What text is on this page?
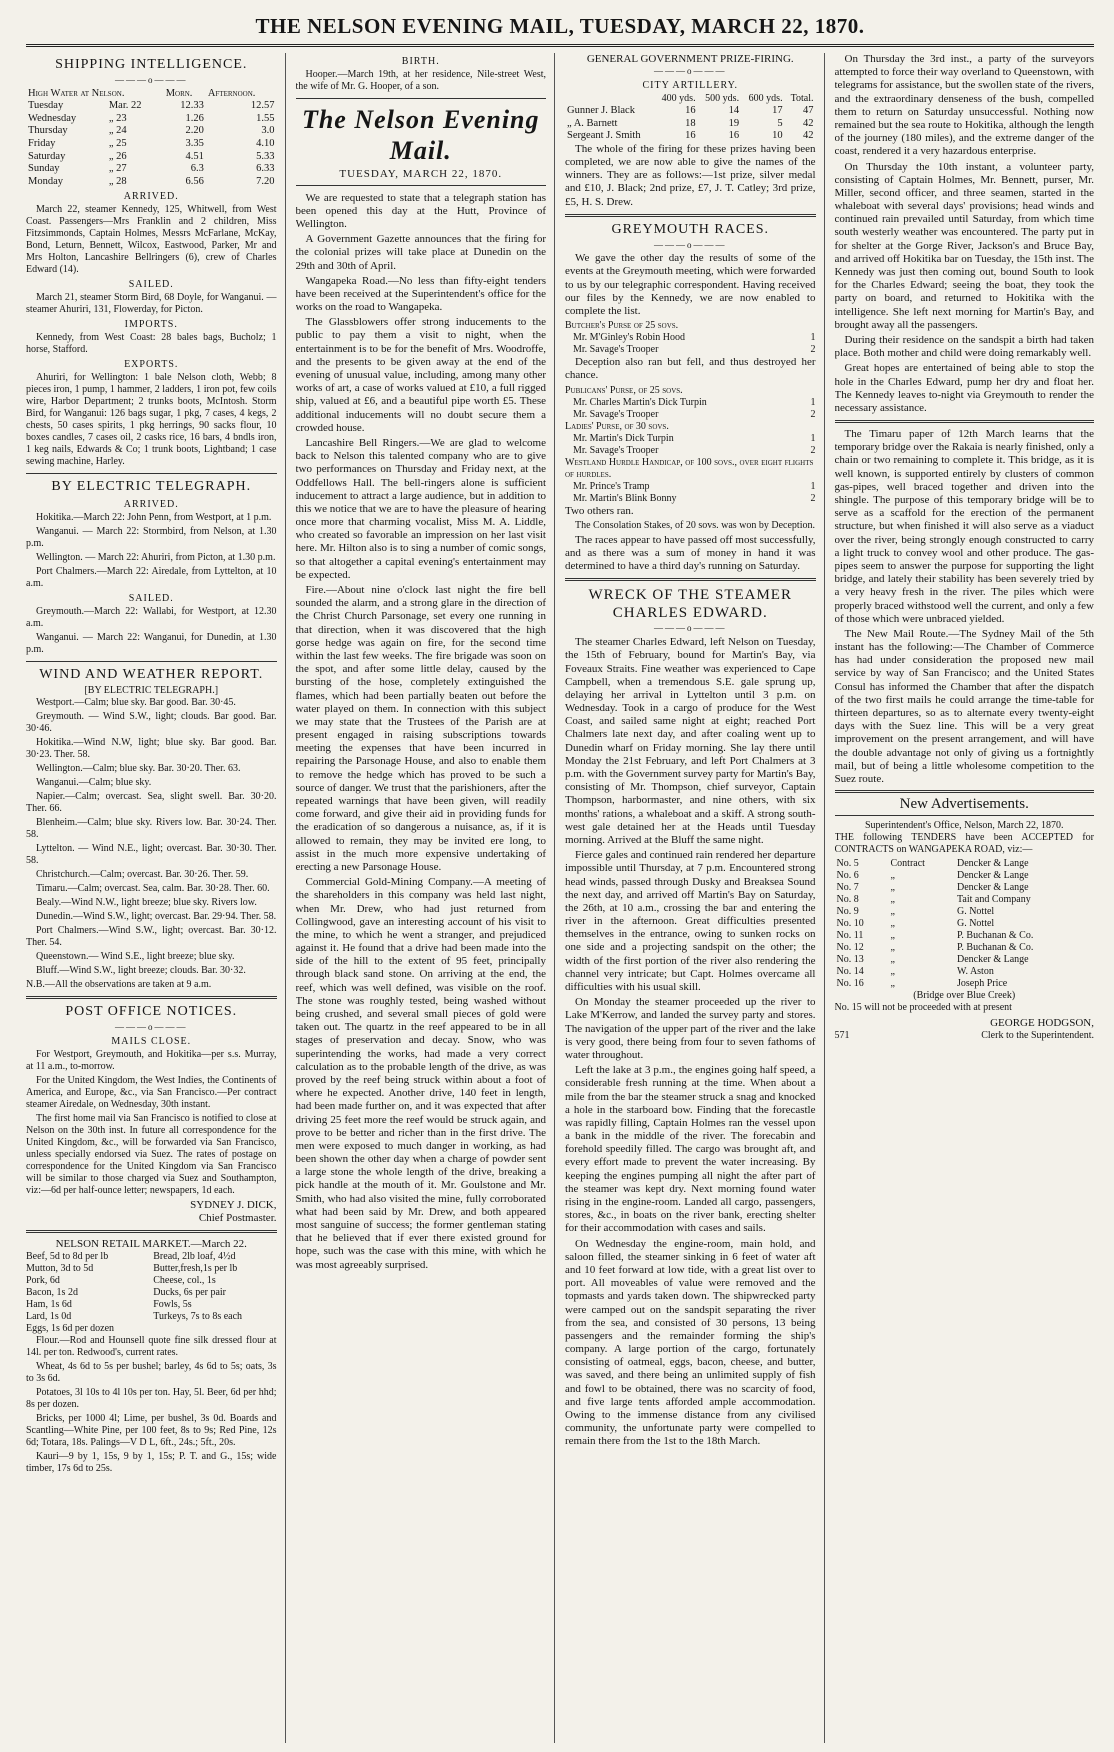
THE NELSON EVENING MAIL, TUESDAY, MARCH 22, 1870.
SHIPPING INTELLIGENCE.
———o———
High Water at Nelson.		Morn.	Afternoon.
Tuesday	Mar. 22	12.33	12.57
Wednesday	„ 23	1.26	1.55
Thursday	„ 24	2.20	3.0
Friday	„ 25	3.35	4.10
Saturday	„ 26	4.51	5.33
Sunday	„ 27	6.3	6.33
Monday	„ 28	6.56	7.20
ARRIVED.

March 22, steamer Kennedy, 125, Whitwell, from West Coast. Passengers—Mrs Franklin and 2 children, Miss Fitzsimmonds, Captain Holmes, Messrs McFarlane, McKay, Bond, Leturn, Bennett, Wilcox, Eastwood, Parker, Mr and Mrs Holton, Lancashire Bellringers (6), crew of Charles Edward (14).

SAILED.

March 21, steamer Storm Bird, 68 Doyle, for Wanganui. — steamer Ahuriri, 131, Flowerday, for Picton.

IMPORTS.

Kennedy, from West Coast: 28 bales bags, Bucholz; 1 horse, Stafford.

EXPORTS.

Ahuriri, for Wellington: 1 bale Nelson cloth, Webb; 8 pieces iron, 1 pump, 1 hammer, 2 ladders, 1 iron pot, few coils wire, Harbor Department; 2 trunks boots, McIntosh. Storm Bird, for Wanganui: 126 bags sugar, 1 pkg, 7 cases, 4 kegs, 2 chests, 50 cases spirits, 1 pkg herrings, 90 sacks flour, 10 boxes candles, 7 cases oil, 2 casks rice, 16 bars, 4 bndls iron, 1 keg nails, Edwards & Co; 1 trunk boots, Lightband; 1 case sewing machine, Harley.

BY ELECTRIC TELEGRAPH.
ARRIVED.

Hokitika.—March 22: John Penn, from Westport, at 1 p.m.

Wanganui. — March 22: Stormbird, from Nelson, at 1.30 p.m.

Wellington. — March 22: Ahuriri, from Picton, at 1.30 p.m.

Port Chalmers.—March 22: Airedale, from Lyttelton, at 10 a.m.

SAILED.

Greymouth.—March 22: Wallabi, for Westport, at 12.30 a.m.

Wanganui. — March 22: Wanganui, for Dunedin, at 1.30 p.m.

WIND AND WEATHER REPORT.
[BY ELECTRIC TELEGRAPH.]

Westport.—Calm; blue sky. Bar good. Bar. 30·45.

Greymouth. — Wind S.W., light; clouds. Bar good. Bar. 30·46.

Hokitika.—Wind N.W, light; blue sky. Bar good. Bar. 30·23. Ther. 58.

Wellington.—Calm; blue sky. Bar. 30·20. Ther. 63.

Wanganui.—Calm; blue sky.

Napier.—Calm; overcast. Sea, slight swell. Bar. 30·20. Ther. 66.

Blenheim.—Calm; blue sky. Rivers low. Bar. 30·24. Ther. 58.

Lyttelton. — Wind N.E., light; overcast. Bar. 30·30. Ther. 58.

Christchurch.—Calm; overcast. Bar. 30·26. Ther. 59.

Timaru.—Calm; overcast. Sea, calm. Bar. 30·28. Ther. 60.

Bealy.—Wind N.W., light breeze; blue sky. Rivers low.

Dunedin.—Wind S.W., light; overcast. Bar. 29·94. Ther. 58.

Port Chalmers.—Wind S.W., light; overcast. Bar. 30·12. Ther. 54.

Queenstown.— Wind S.E., light breeze; blue sky.

Bluff.—Wind S.W., light breeze; clouds. Bar. 30·32.

N.B.—All the observations are taken at 9 a.m.

POST OFFICE NOTICES.
———o———
MAILS CLOSE.

For Westport, Greymouth, and Hokitika—per s.s. Murray, at 11 a.m., to-morrow.

For the United Kingdom, the West Indies, the Continents of America, and Europe, &c., via San Francisco.—Per contract steamer Airedale, on Wednesday, 30th instant.

The first home mail via San Francisco is notified to close at Nelson on the 30th inst. In future all correspondence for the United Kingdom, &c., will be forwarded via San Francisco, unless specially endorsed via Suez. The rates of postage on correspondence for the United Kingdom via San Francisco will be similar to those charged via Suez and Southampton, viz:—6d per half-ounce letter; newspapers, 1d each.

SYDNEY J. DICK,
Chief Postmaster.
NELSON RETAIL MARKET.—March 22.
Beef, 5d to 8d per lb	Bread, 2lb loaf, 4½d
Mutton, 3d to 5d	Butter,fresh,1s per lb
Pork, 6d	Cheese, col., 1s
Bacon, 1s 2d	Ducks, 6s per pair
Ham, 1s 6d	Fowls, 5s
Lard, 1s 0d	Turkeys, 7s to 8s each
Eggs, 1s 6d per dozen

Flour.—Rod and Hounsell quote fine silk dressed flour at 14l. per ton. Redwood's, current rates.

Wheat, 4s 6d to 5s per bushel; barley, 4s 6d to 5s; oats, 3s to 3s 6d.

Potatoes, 3l 10s to 4l 10s per ton. Hay, 5l. Beer, 6d per hhd; 8s per dozen.

Bricks, per 1000 4l; Lime, per bushel, 3s 0d. Boards and Scantling—White Pine, per 100 feet, 8s to 9s; Red Pine, 12s 6d; Totara, 18s. Palings—V D L, 6ft., 24s.; 5ft., 20s.

Kauri—9 by 1, 15s, 9 by 1, 15s; P. T. and G., 15s; wide timber, 17s 6d to 25s.

BIRTH.

Hooper.—March 19th, at her residence, Nile-street West, the wife of Mr. G. Hooper, of a son.

The Nelson Evening Mail.
TUESDAY, MARCH 22, 1870.

We are requested to state that a telegraph station has been opened this day at the Hutt, Province of Wellington.

A Government Gazette announces that the firing for the colonial prizes will take place at Dunedin on the 29th and 30th of April.

Wangapeka Road.—No less than fifty-eight tenders have been received at the Superintendent's office for the works on the road to Wangapeka.

The Glassblowers offer strong inducements to the public to pay them a visit to night, when the entertainment is to be for the benefit of Mrs. Woodroffe, and the presents to be given away at the end of the evening of unusual value, including, among many other works of art, a case of works valued at £10, a full rigged ship, valued at £6, and a beautiful pipe worth £5. These additional inducements will no doubt secure them a crowded house.

Lancashire Bell Ringers.—We are glad to welcome back to Nelson this talented company who are to give two performances on Thursday and Friday next, at the Oddfellows Hall. The bell-ringers alone is sufficient inducement to attract a large audience, but in addition to this we notice that we are to have the pleasure of hearing once more that charming vocalist, Miss M. A. Liddle, who created so favorable an impression on her last visit here. Mr. Hilton also is to sing a number of comic songs, so that altogether a capital evening's entertainment may be expected.

Fire.—About nine o'clock last night the fire bell sounded the alarm, and a strong glare in the direction of the Christ Church Parsonage, set every one running in that direction, when it was discovered that the high gorse hedge was again on fire, for the second time within the last few weeks. The fire brigade was soon on the spot, and after some little delay, caused by the bursting of the hose, completely extinguished the flames, which had been partially beaten out before the water played on them. In connection with this subject we may state that the Trustees of the Parish are at present engaged in raising subscriptions towards meeting the expenses that have been incurred in repairing the Parsonage House, and also to enable them to remove the hedge which has proved to be such a source of danger. We trust that the parishioners, after the repeated warnings that have been given, will readily come forward, and give their aid in providing funds for the eradication of so dangerous a nuisance, as, if it is allowed to remain, they may be invited ere long, to assist in the much more expensive undertaking of erecting a new Parsonage House.

Commercial Gold-Mining Company.—A meeting of the shareholders in this company was held last night, when Mr. Drew, who had just returned from Collingwood, gave an interesting account of his visit to the mine, to which he went a stranger, and prejudiced against it. He found that a drive had been made into the side of the hill to the extent of 95 feet, principally through black sand stone. On arriving at the end, the reef, which was well defined, was visible on the roof. The stone was roughly tested, being washed without being crushed, and several small pieces of gold were taken out. The quartz in the reef appeared to be in all stages of preservation and decay. Snow, who was superintending the works, had made a very correct calculation as to the probable length of the drive, as was proved by the reef being struck within about a foot of where he expected. Another drive, 140 feet in length, had been made further on, and it was expected that after driving 25 feet more the reef would be struck again, and prove to be better and richer than in the first drive. The men were exposed to much danger in working, as had been shown the other day when a charge of powder sent a large stone the whole length of the drive, breaking a pick handle at the mouth of it. Mr. Goulstone and Mr. Smith, who had also visited the mine, fully corroborated what had been said by Mr. Drew, and both appeared most sanguine of success; the former gentleman stating that he believed that if ever there existed ground for hope, such was the case with this mine, with which he was most agreeably surprised.

GENERAL GOVERNMENT PRIZE-FIRING.
———o———
CITY ARTILLERY.
	400 yds.	500 yds.	600 yds.	Total.
Gunner J. Black	16	14	17	47
„ A. Barnett	18	19	5	42
Sergeant J. Smith	16	16	10	42

The whole of the firing for these prizes having been completed, we are now able to give the names of the winners. They are as follows:—1st prize, silver medal and £10, J. Black; 2nd prize, £7, J. T. Catley; 3rd prize, £5, H. S. Drew.

GREYMOUTH RACES.
———o———

We gave the other day the results of some of the events at the Greymouth meeting, which were forwarded to us by our telegraphic correspondent. Having received our files by the Kennedy, we are now enabled to complete the list.

Butcher's Purse of 25 sovs.
Mr. M'Ginley's Robin Hood	1
Mr. Savage's Trooper	2

Deception also ran but fell, and thus destroyed her chance.

Publicans' Purse, of 25 sovs.
Mr. Charles Martin's Dick Turpin	1
Mr. Savage's Trooper	2
Ladies' Purse, of 30 sovs.
Mr. Martin's Dick Turpin	1
Mr. Savage's Trooper	2
Westland Hurdle Handicap, of 100 sovs., over eight flights of hurdles.
Mr. Prince's Tramp	1
Mr. Martin's Blink Bonny	2

Two others ran.

The Consolation Stakes, of 20 sovs. was won by Deception.

The races appear to have passed off most successfully, and as there was a sum of money in hand it was determined to have a third day's running on Saturday.

WRECK OF THE STEAMER CHARLES EDWARD.
———o———

The steamer Charles Edward, left Nelson on Tuesday, the 15th of February, bound for Martin's Bay, via Foveaux Straits. Fine weather was experienced to Cape Campbell, when a tremendous S.E. gale sprung up, delaying her arrival in Lyttelton until 3 p.m. on Wednesday. Took in a cargo of produce for the West Coast, and sailed same night at eight; reached Port Chalmers late next day, and after coaling went up to Dunedin wharf on Friday morning. She lay there until Monday the 21st February, and left Port Chalmers at 3 p.m. with the Government survey party for Martin's Bay, consisting of Mr. Thompson, chief surveyor, Captain Thompson, harbormaster, and nine others, with six months' rations, a whaleboat and a skiff. A strong south-west gale detained her at the Heads until Tuesday morning. Arrived at the Bluff the same night.

Fierce gales and continued rain rendered her departure impossible until Thursday, at 7 p.m. Encountered strong head winds, passed through Dusky and Breaksea Sound the next day, and arrived off Martin's Bay on Saturday, the 26th, at 10 a.m., crossing the bar and entering the river in the afternoon. Great difficulties presented themselves in the entrance, owing to sunken rocks on one side and a projecting sandspit on the other; the width of the first portion of the river also rendering the channel very intricate; but Capt. Holmes overcame all difficulties with his usual skill.

On Monday the steamer proceeded up the river to Lake M'Kerrow, and landed the survey party and stores. The navigation of the upper part of the river and the lake is very good, there being from four to seven fathoms of water throughout.

Left the lake at 3 p.m., the engines going half speed, a considerable fresh running at the time. When about a mile from the bar the steamer struck a snag and knocked a hole in the starboard bow. Finding that the forecastle was rapidly filling, Captain Holmes ran the vessel upon a bank in the middle of the river. The forecabin and forehold speedily filled. The cargo was brought aft, and every effort made to prevent the water increasing. By keeping the engines pumping all night the after part of the steamer was kept dry. Next morning found water rising in the engine-room. Landed all cargo, passengers, stores, &c., in boats on the river bank, erecting shelter for their accommodation with cases and sails.

On Wednesday the engine-room, main hold, and saloon filled, the steamer sinking in 6 feet of water aft and 10 feet forward at low tide, with a great list over to port. All moveables of value were removed and the topmasts and yards taken down. The shipwrecked party were camped out on the sandspit separating the river from the sea, and consisted of 30 persons, 13 being passengers and the remainder forming the ship's company. A large portion of the cargo, fortunately consisting of oatmeal, eggs, bacon, cheese, and butter, was saved, and there being an unlimited supply of fish and fowl to be obtained, there was no scarcity of food, and five large tents afforded ample accommodation. Owing to the immense distance from any civilised community, the unfortunate party were compelled to remain there from the 1st to the 18th March.

On Thursday the 3rd inst., a party of the surveyors attempted to force their way overland to Queenstown, with telegrams for assistance, but the swollen state of the rivers, and the extraordinary denseness of the bush, compelled them to return on Saturday unsuccessful. Nothing now remained but the sea route to Hokitika, although the length of the journey (180 miles), and the extreme danger of the coast, rendered it a very hazardous enterprise.

On Thursday the 10th instant, a volunteer party, consisting of Captain Holmes, Mr. Bennett, purser, Mr. Miller, second officer, and three seamen, started in the whaleboat with several days' provisions; head winds and continued rain prevailed until Saturday, from which time south westerly weather was encountered. The party put in for shelter at the Gorge River, Jackson's and Bruce Bay, and arrived off Hokitika bar on Tuesday, the 15th inst. The Kennedy was just then coming out, bound South to look for the Charles Edward; seeing the boat, they took the party on board, and returned to Hokitika with the intelligence. She left next morning for Martin's Bay, and brought away all the passengers.

During their residence on the sandspit a birth had taken place. Both mother and child were doing remarkably well.

Great hopes are entertained of being able to stop the hole in the Charles Edward, pump her dry and float her. The Kennedy leaves to-night via Greymouth to render the necessary assistance.

The Timaru paper of 12th March learns that the temporary bridge over the Rakaia is nearly finished, only a chain or two remaining to complete it. This bridge, as it is well known, is supported entirely by clusters of common gas-pipes, well braced together and driven into the shingle. The purpose of this temporary bridge will be to serve as a scaffold for the erection of the permanent structure, but when finished it will also serve as a viaduct over the river, being strongly enough constructed to carry a light truck to convey wool and other produce. The gas-pipes seem to answer the purpose for supporting the light bridge, and lately their stability has been severely tried by a very heavy fresh in the river. The piles which were properly braced withstood well the current, and only a few of those which were unbraced yielded.

The New Mail Route.—The Sydney Mail of the 5th instant has the following:—The Chamber of Commerce has had under consideration the proposed new mail service by way of San Francisco; and the United States Consul has informed the Chamber that after the dispatch of the two first mails he could arrange the time-table for thirteen departures, so as to alternate every twenty-eight days with the Suez line. This will be a very great improvement on the present arrangement, and will have the double advantage not only of giving us a fortnightly mail, but of being a little wholesome competition to the Suez route.

New Advertisements.
Superintendent's Office, Nelson, March 22, 1870.

THE following TENDERS have been ACCEPTED for CONTRACTS on WANGAPEKA ROAD, viz:—

No. 5	Contract	Dencker & Lange
No. 6	„	Dencker & Lange
No. 7	„	Dencker & Lange
No. 8	„	Tait and Company
No. 9	„	G. Nottel
No. 10	„	G. Nottel
No. 11	„	P. Buchanan & Co.
No. 12	„	P. Buchanan & Co.
No. 13	„	Dencker & Lange
No. 14	„	W. Aston
No. 16	„	Joseph Price
(Bridge over Blue Creek)
No. 15 will not be proceeded with at present
GEORGE HODGSON,
571	Clerk to the Superintendent.
